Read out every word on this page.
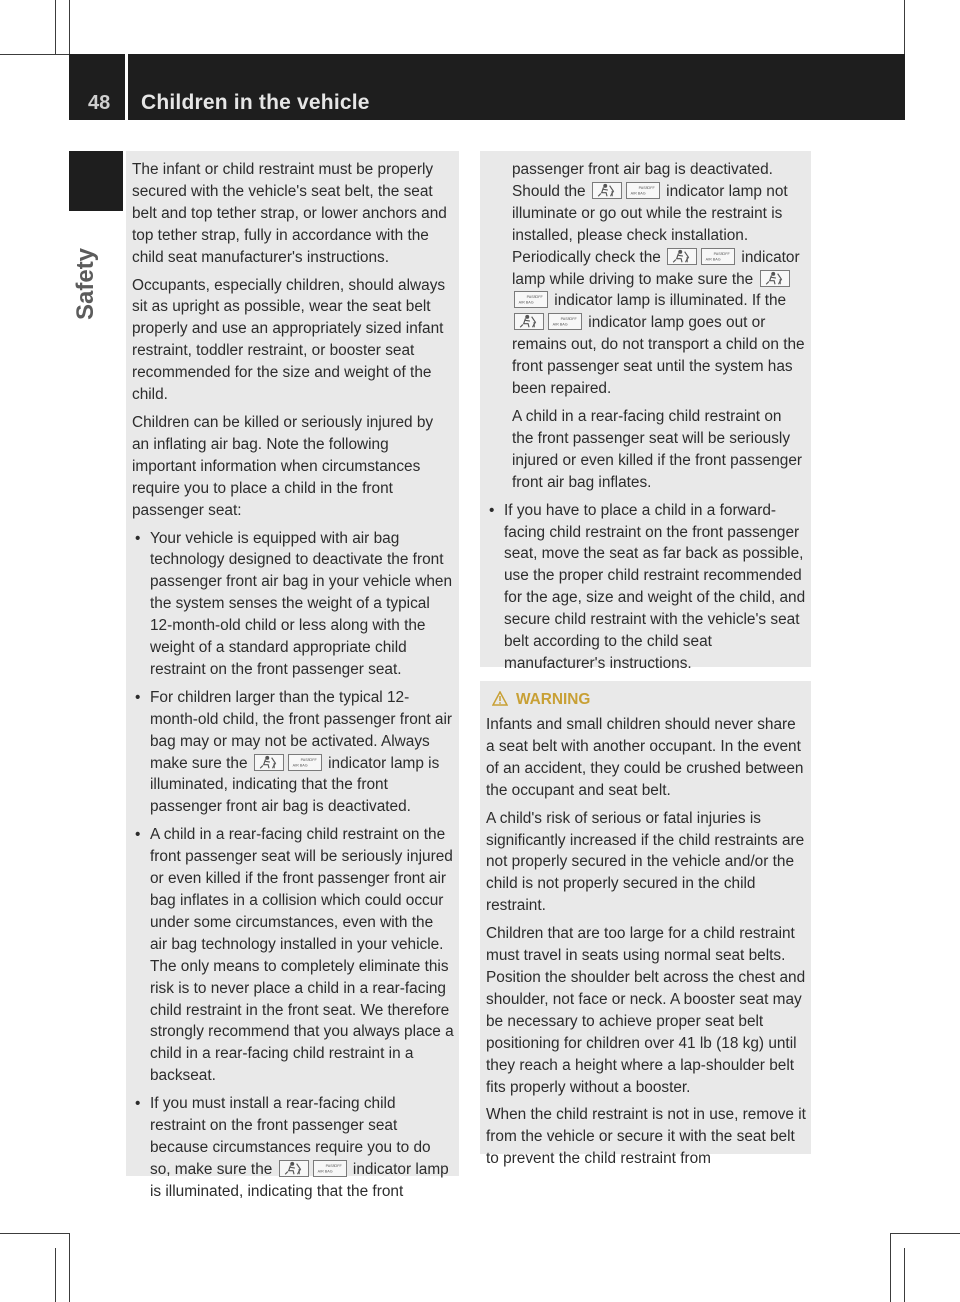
48 Children in the vehicle
Safety

The infant or child restraint must be properly secured with the vehicle's seat belt, the seat belt and top tether strap, or lower anchors and top tether strap, fully in accordance with the child seat manufacturer's instructions.

Occupants, especially children, should always sit as upright as possible, wear the seat belt properly and use an appropriately sized infant restraint, toddler restraint, or booster seat recommended for the size and weight of the child.

Children can be killed or seriously injured by an inflating air bag. Note the following important information when circumstances require you to place a child in the front passenger seat:

• Your vehicle is equipped with air bag technology designed to deactivate the front passenger front air bag in your vehicle when the system senses the weight of a typical 12-month-old child or less along with the weight of a standard appropriate child restraint on the front passenger seat.
• For children larger than the typical 12-month-old child, the front passenger front air bag may or may not be activated. Always make sure the	PASS
AIR BAG
OFF indicator lamp is illuminated, indicating that the front passenger front air bag is deactivated.
• A child in a rear-facing child restraint on the front passenger seat will be seriously injured or even killed if the front passenger front air bag inflates in a collision which could occur under some circumstances, even with the air bag technology installed in your vehicle. The only means to completely eliminate this risk is to never place a child in a rear-facing child restraint in the front seat. We therefore strongly recommend that you always place a child in a rear-facing child restraint in a backseat.
• If you must install a rear-facing child restraint on the front passenger seat because circumstances require you to do so, make sure the	PASS
AIR BAG
OFF indicator lamp is illuminated, indicating that the front

passenger front air bag is deactivated. Should the	PASS
AIR BAG
OFF indicator lamp not illuminate or go out while the restraint is installed, please check installation. Periodically check the	PASS
AIR BAG
OFF indicator lamp while driving to make sure the
PASS
AIR BAG
OFF indicator lamp is illuminated. If the
PASS
AIR BAG
OFF indicator lamp goes out or remains out, do not transport a child on the front passenger seat until the system has been repaired.

A child in a rear-facing child restraint on the front passenger seat will be seriously injured or even killed if the front passenger front air bag inflates.

• If you have to place a child in a forward-facing child restraint on the front passenger seat, move the seat as far back as possible, use the proper child restraint recommended for the age, size and weight of the child, and secure child restraint with the vehicle's seat belt according to the child seat manufacturer's instructions.
WARNING

Infants and small children should never share a seat belt with another occupant. In the event of an accident, they could be crushed between the occupant and seat belt.

A child's risk of serious or fatal injuries is significantly increased if the child restraints are not properly secured in the vehicle and/or the child is not properly secured in the child restraint.

Children that are too large for a child restraint must travel in seats using normal seat belts. Position the shoulder belt across the chest and shoulder, not face or neck. A booster seat may be necessary to achieve proper seat belt positioning for children over 41 lb (18 kg) until they reach a height where a lap-shoulder belt fits properly without a booster.

When the child restraint is not in use, remove it from the vehicle or secure it with the seat belt to prevent the child restraint from
